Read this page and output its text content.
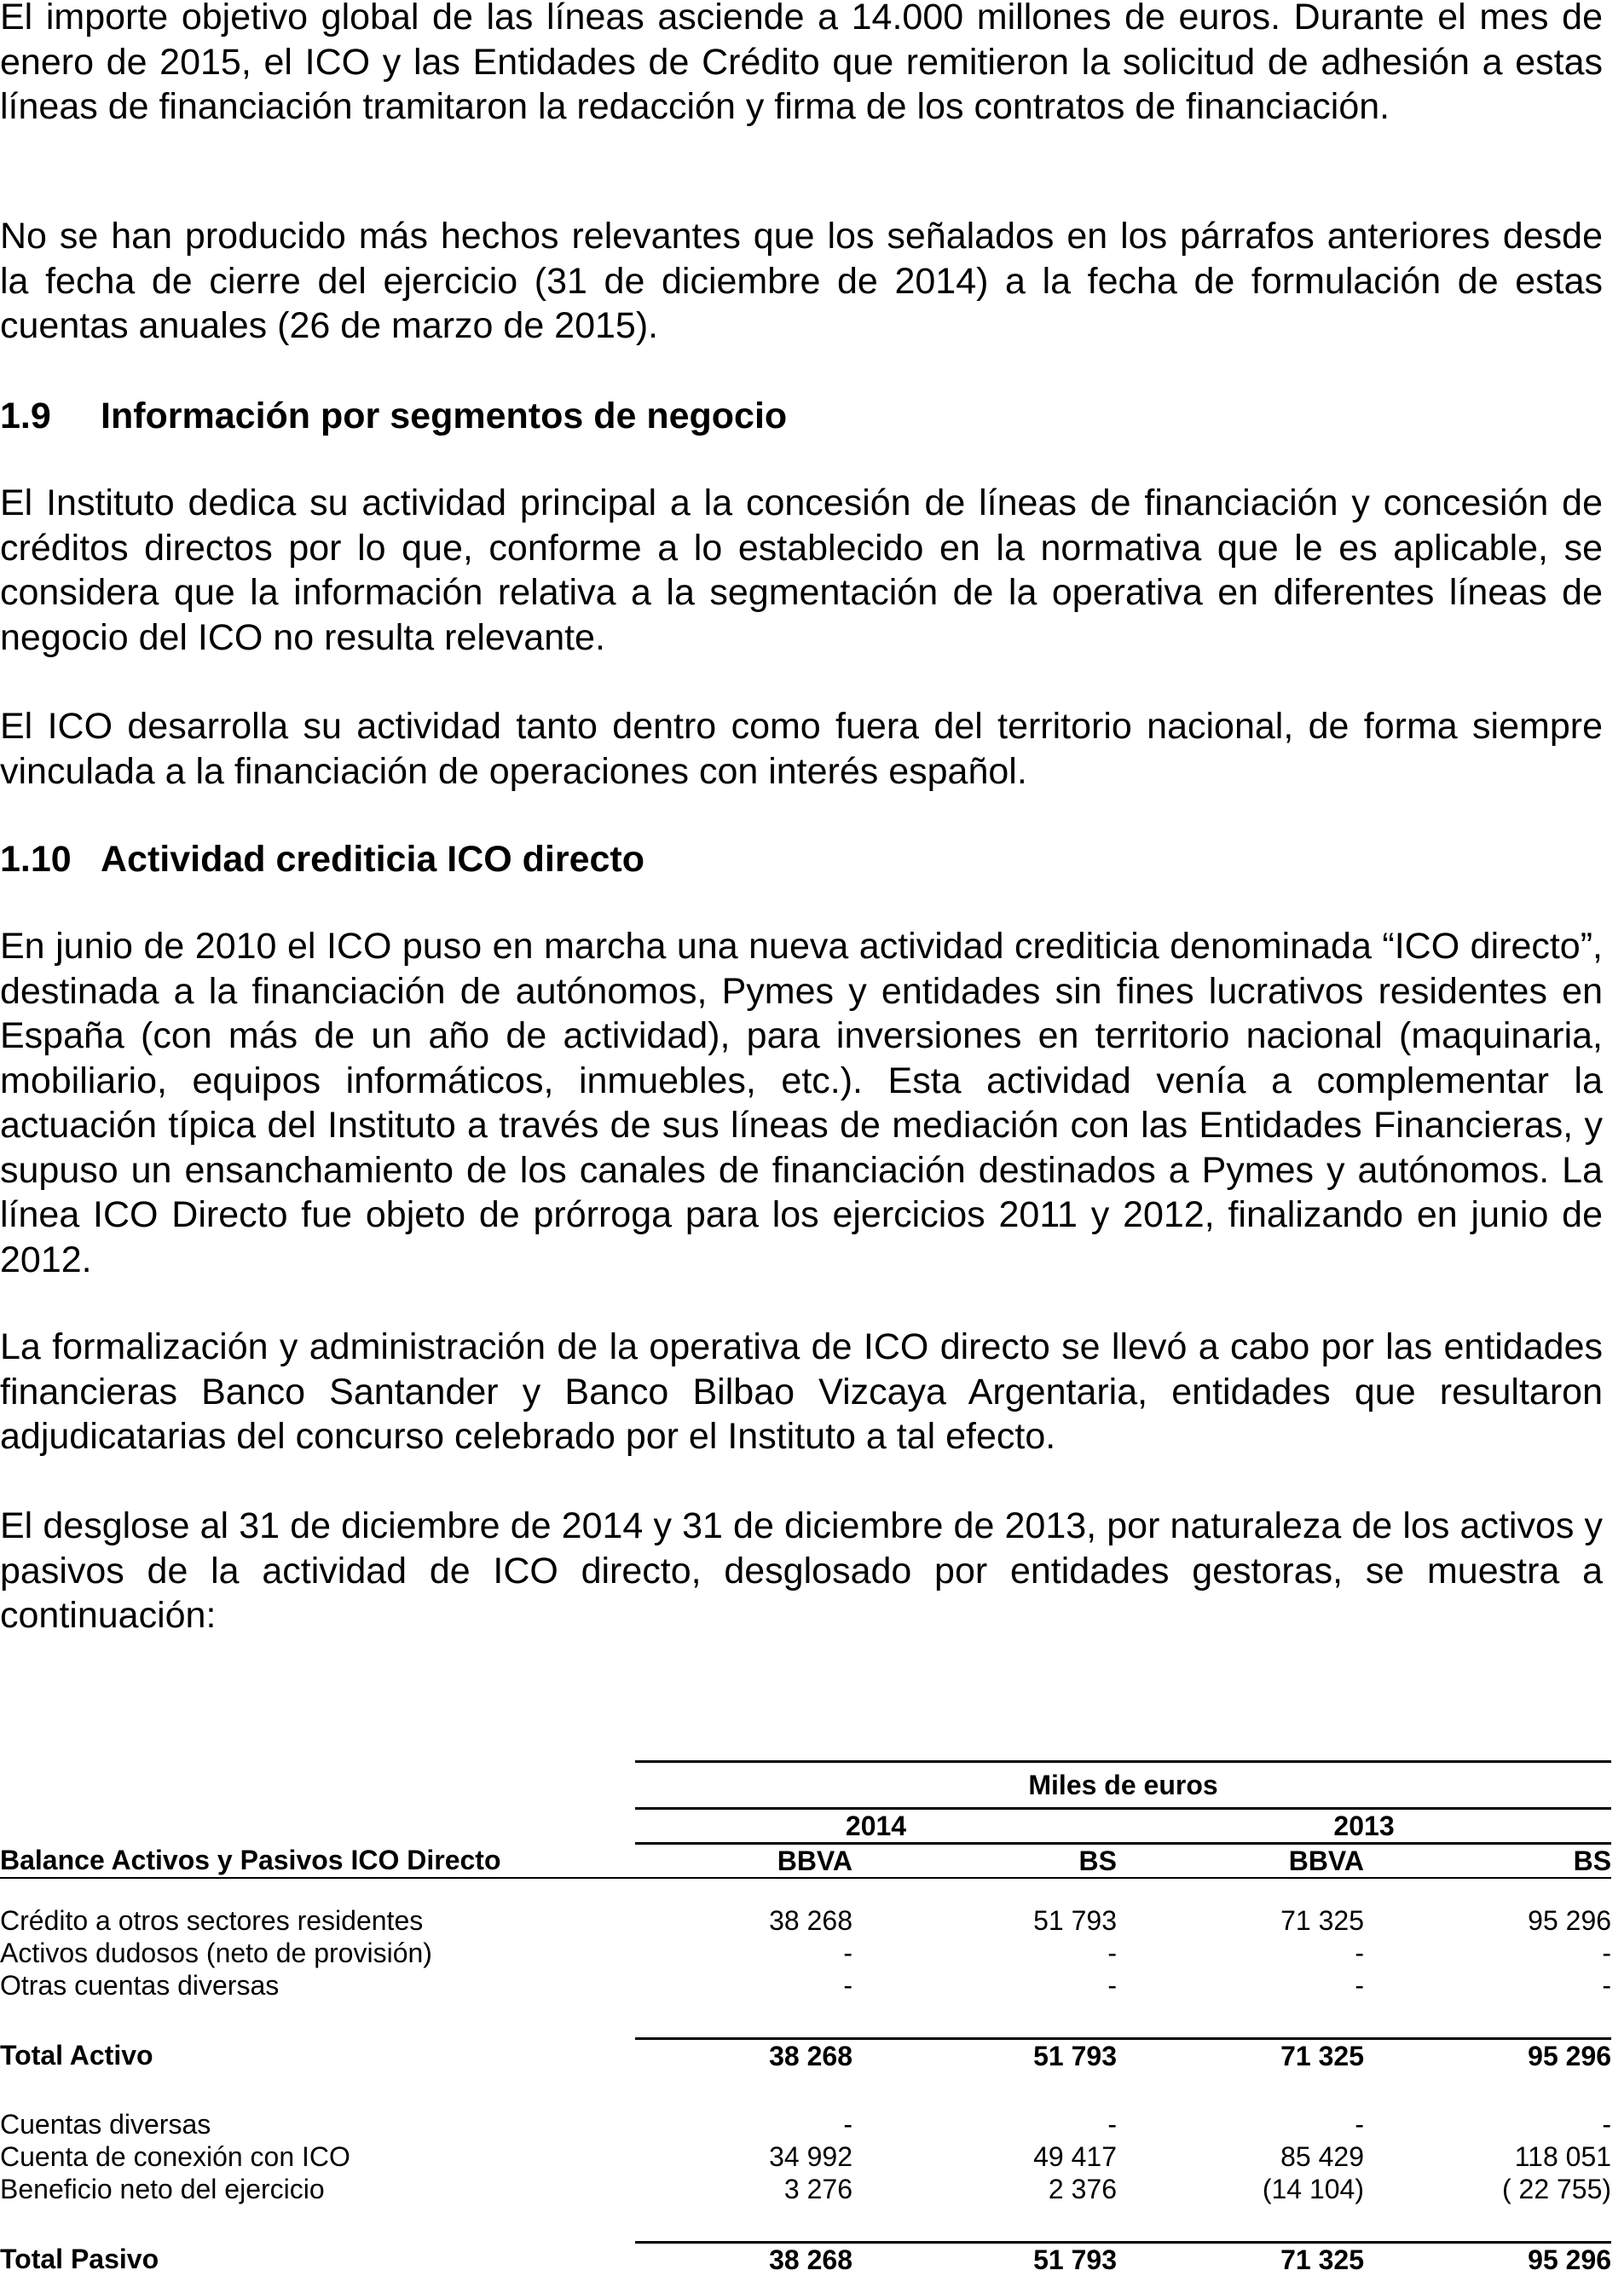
El importe objetivo global de las líneas asciende a 14.000 millones de euros. Durante el mes de enero de 2015, el ICO y las Entidades de Crédito que remitieron la solicitud de adhesión a estas líneas de financiación tramitaron la redacción y firma de los contratos de financiación.

No se han producido más hechos relevantes que los señalados en los párrafos anteriores desde la fecha de cierre del ejercicio (31 de diciembre de 2014) a la fecha de formulación de estas cuentas anuales (26 de marzo de 2015).

1.9 Información por segmentos de negocio

El Instituto dedica su actividad principal a la concesión de líneas de financiación y concesión de créditos directos por lo que, conforme a lo establecido en la normativa que le es aplicable, se considera que la información relativa a la segmentación de la operativa en diferentes líneas de negocio del ICO no resulta relevante.

El ICO desarrolla su actividad tanto dentro como fuera del territorio nacional, de forma siempre vinculada a la financiación de operaciones con interés español.

1.10 Actividad crediticia ICO directo

En junio de 2010 el ICO puso en marcha una nueva actividad crediticia denominada “ICO directo”, destinada a la financiación de autónomos, Pymes y entidades sin fines lucrativos residentes en España (con más de un año de actividad), para inversiones en territorio nacional (maquinaria, mobiliario, equipos informáticos, inmuebles, etc.). Esta actividad venía a complementar la actuación típica del Instituto a través de sus líneas de mediación con las Entidades Financieras, y supuso un ensanchamiento de los canales de financiación destinados a Pymes y autónomos. La línea ICO Directo fue objeto de prórroga para los ejercicios 2011 y 2012, finalizando en junio de 2012.

La formalización y administración de la operativa de ICO directo se llevó a cabo por las entidades financieras Banco Santander y Banco Bilbao Vizcaya Argentaria, entidades que resultaron adjudicatarias del concurso celebrado por el Instituto a tal efecto.

El desglose al 31 de diciembre de 2014 y 31 de diciembre de 2013, por naturaleza de los activos y pasivos de la actividad de ICO directo, desglosado por entidades gestoras, se muestra a continuación:

	Miles de euros			
	2014		2013	
Balance Activos y Pasivos ICO Directo	BBVA	BS	BBVA	BS

Crédito a otros sectores residentes	38 268	51 793	71 325	95 296
Activos dudosos (neto de provisión)	-	-	-	-
Otras cuentas diversas	-	-	-	-

Total Activo	38 268	51 793	71 325	95 296

Cuentas diversas	-	-	-	-
Cuenta de conexión con ICO	34 992	49 417	85 429	118 051
Beneficio neto del ejercicio	3 276	2 376	(14 104)	( 22 755)

Total Pasivo	38 268	51 793	71 325	95 296
